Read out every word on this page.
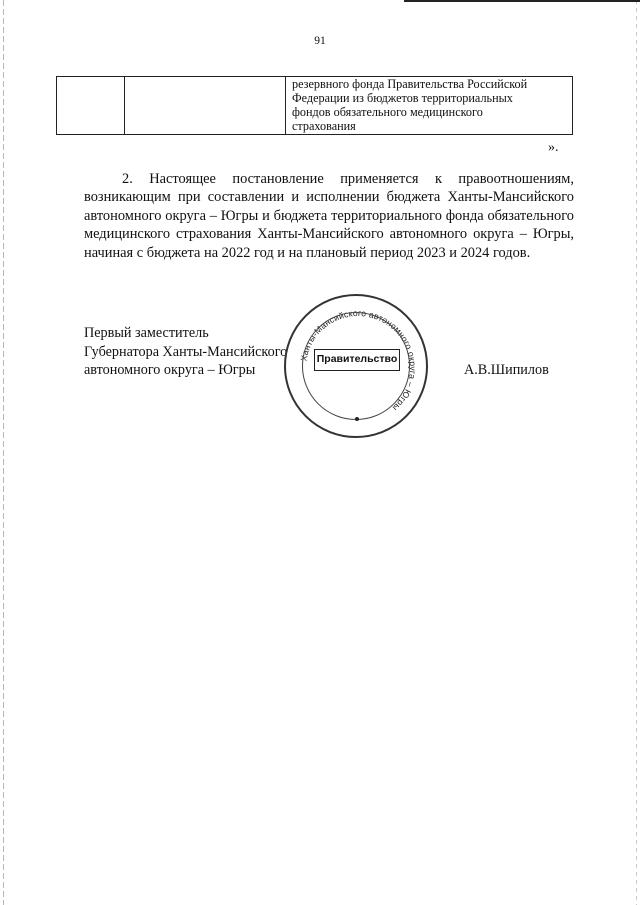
91

резервного фонда Правительства Российской
Федерации из бюджетов территориальных
фондов обязательного медицинского
страхования
».

2. Настоящее постановление применяется к правоотношениям, возникающим при составлении и исполнении бюджета Ханты-Мансийского автономного округа – Югры и бюджета территориального фонда обязательного медицинского страхования Ханты-Мансийского автономного округа – Югры, начиная с бюджета на 2022 год и на плановый период 2023 и 2024 годов.

Первый заместитель
Губернатора Ханты-Мансийского
автономного округа – Югры
Ханты-Мансийского автономного округа – Югры
Правительство
А.В.Шипилов
